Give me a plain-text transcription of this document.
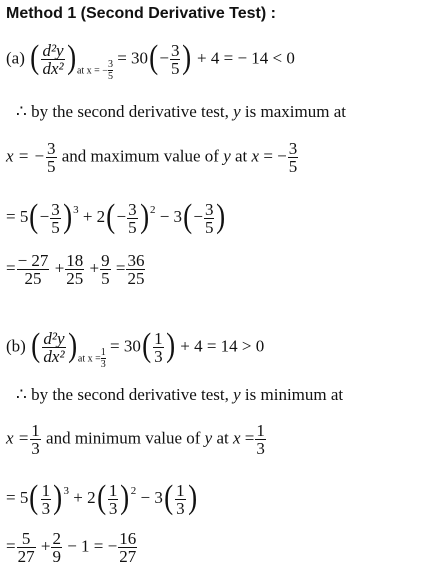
Method 1 (Second Derivative Test) :
(a) ( $\frac{\text{d²y}}{\text{dx²}} )_{at x = -} \frac{3}{5}$
= $30(- \frac{3}{5}$ ) + 4 = − 14 < 0
∴ by the second derivative test, y is maximum at
x = − $\frac{3}{5}$ and maximum value of y at x = − $\frac{3}{5}$
= $5(- \frac{3}{5} )^3 + 2(- \frac{3}{5} )^2 - 3(- \frac{3}{5}$ )
= $\frac{- 27}{25} + \frac{18}{25} + \frac{9}{5} = \frac{36}{25}$
(b) ( $\frac{\text{d²y}}{\text{dx²}} )_{at x =} \frac{1}{3}$
= $30( \frac{1}{3}$ ) + 4 = 14 > 0
∴ by the second derivative test, y is minimum at
$x = \frac{1}{3}$ and minimum value of y at $x = \frac{1}{3}$
= $5( \frac{1}{3} )^3 + 2( \frac{1}{3} )^2 - 3( \frac{1}{3}$ )
= $\frac{5}{27} + \frac{2}{9} - 1$ = − $\frac{16}{27}$
